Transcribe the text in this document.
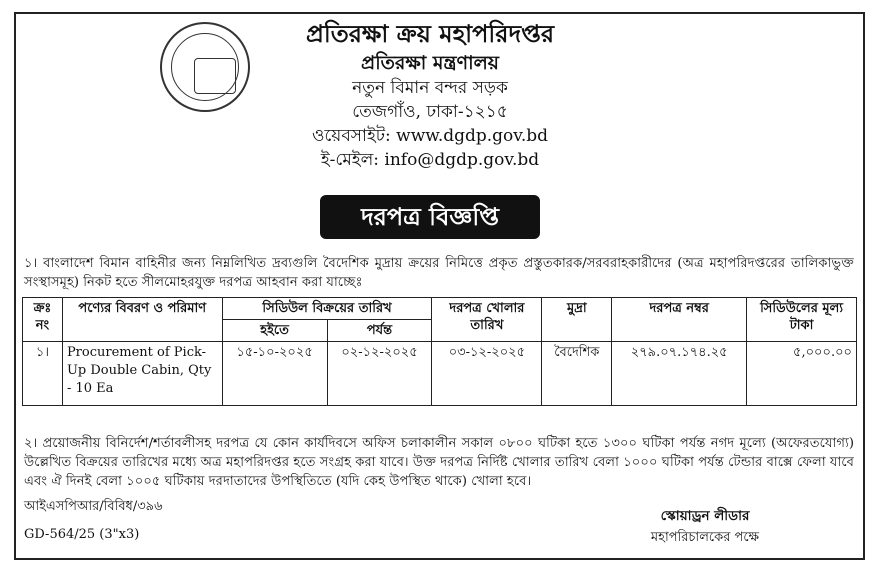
প্রতিরক্ষা ক্রয় মহাপরিদপ্তর
প্রতিরক্ষা মন্ত্রণালয়
নতুন বিমান বন্দর সড়ক
তেজগাঁও, ঢাকা-১২১৫
ওয়েবসাইট: www.dgdp.gov.bd
ই-মেইল: info@dgdp.gov.bd
দরপত্র বিজ্ঞপ্তি
১। বাংলাদেশ বিমান বাহিনীর জন্য নিম্নলিখিত দ্রব্যগুলি বৈদেশিক মুদ্রায় ক্রয়ের নিমিত্তে প্রকৃত প্রস্তুতকারক/সরবরাহকারীদের (অত্র মহাপরিদপ্তরের তালিকাভুক্ত সংস্থাসমূহ) নিকট হতে সীলমোহরযুক্ত দরপত্র আহবান করা যাচ্ছেঃ
ক্রঃ নং	পণ্যের বিবরণ ও পরিমাণ	সিডিউল বিক্রয়ের তারিখ		দরপত্র খোলার তারিখ	মুদ্রা	দরপত্র নম্বর	সিডিউলের মূল্য টাকা
		হইতে	পর্যন্ত				
১।	Procurement of Pick-Up Double Cabin, Qty - 10 Ea	১৫-১০-২০২৫	০২-১২-২০২৫	০৩-১২-২০২৫	বৈদেশিক	২৭৯.০৭.১৭৪.২৫	৫,০০০.০০
২। প্রয়োজনীয় বিনির্দেশ/শর্তাবলীসহ দরপত্র যে কোন কার্যদিবসে অফিস চলাকালীন সকাল ০৮০০ ঘটিকা হতে ১৩০০ ঘটিকা পর্যন্ত নগদ মূল্যে (অফেরতযোগ্য) উল্লেখিত বিক্রয়ের তারিখের মধ্যে অত্র মহাপরিদপ্তর হতে সংগ্রহ করা যাবে। উক্ত দরপত্র নির্দিষ্ট খোলার তারিখ বেলা ১০০০ ঘটিকা পর্যন্ত টেন্ডার বাক্সে ফেলা যাবে এবং ঐ দিনই বেলা ১০০৫ ঘটিকায় দরদাতাদের উপস্থিতিতে (যদি কেহ উপস্থিত থাকে) খোলা হবে।
আইএসপিআর/বিবিধ/৩৯৬
GD-564/25 (3"x3)
স্কোয়াড্রন লীডার
মহাপরিচালকের পক্ষে
